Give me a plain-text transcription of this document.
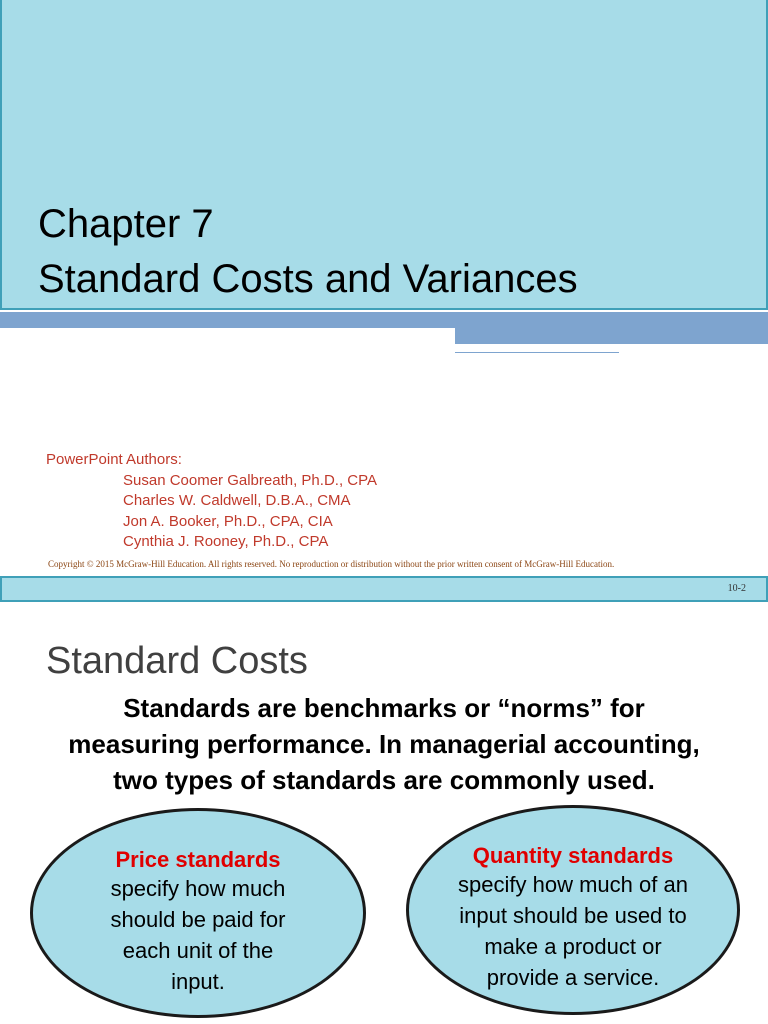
Chapter 7
Standard Costs and Variances
PowerPoint Authors:
Susan Coomer Galbreath, Ph.D., CPA
Charles W. Caldwell, D.B.A., CMA
Jon A. Booker, Ph.D., CPA, CIA
Cynthia J. Rooney, Ph.D., CPA
Copyright © 2015 McGraw-Hill Education. All rights reserved. No reproduction or distribution without the prior written consent of McGraw-Hill Education.
10-2
Standard Costs
Standards are benchmarks or “norms” for
measuring performance. In managerial accounting,
two types of standards are commonly used.
Price standards
specify how much
should be paid for
each unit of the
input.
Quantity standards
specify how much of an
input should be used to
make a product or
provide a service.
